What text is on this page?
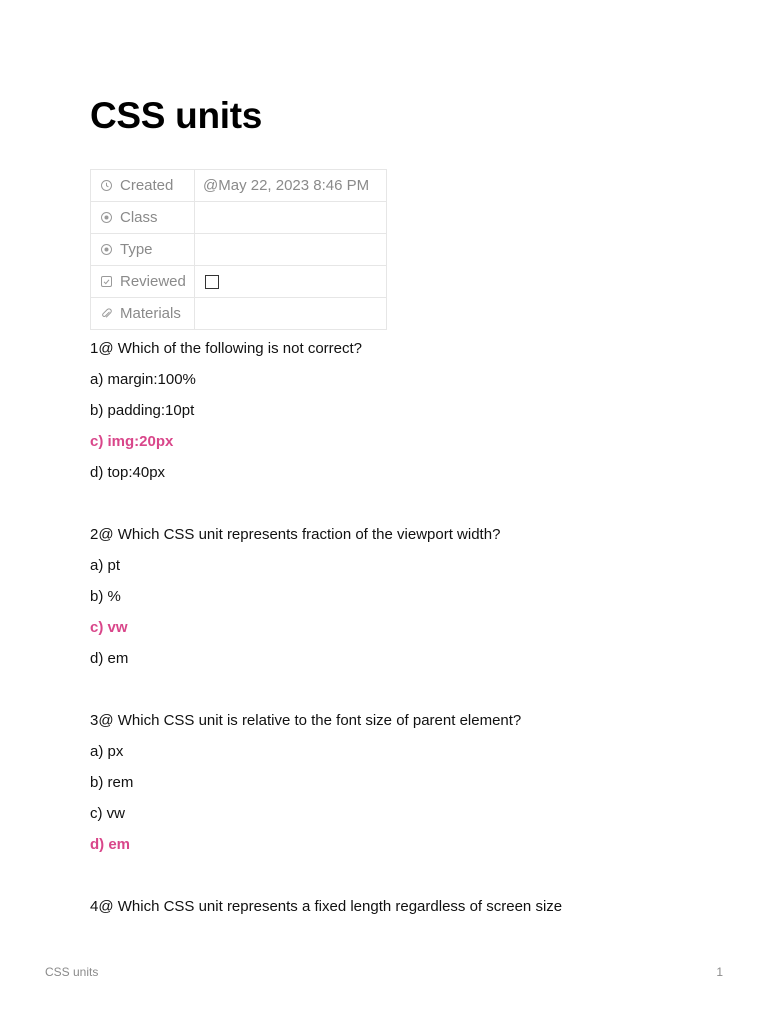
CSS units
Created	@May 22, 2023 8:46 PM

Class	

Type	

Reviewed	

Materials	

1@ Which of the following is not correct?
a) margin:100%
b) padding:10pt
c) img:20px
d) top:40px
2@ Which CSS unit represents fraction of the viewport width?
a) pt
b) %
c) vw
d) em
3@ Which CSS unit is relative to the font size of parent element?
a) px
b) rem
c) vw
d) em
4@ Which CSS unit represents a fixed length regardless of screen size
CSS units	1
